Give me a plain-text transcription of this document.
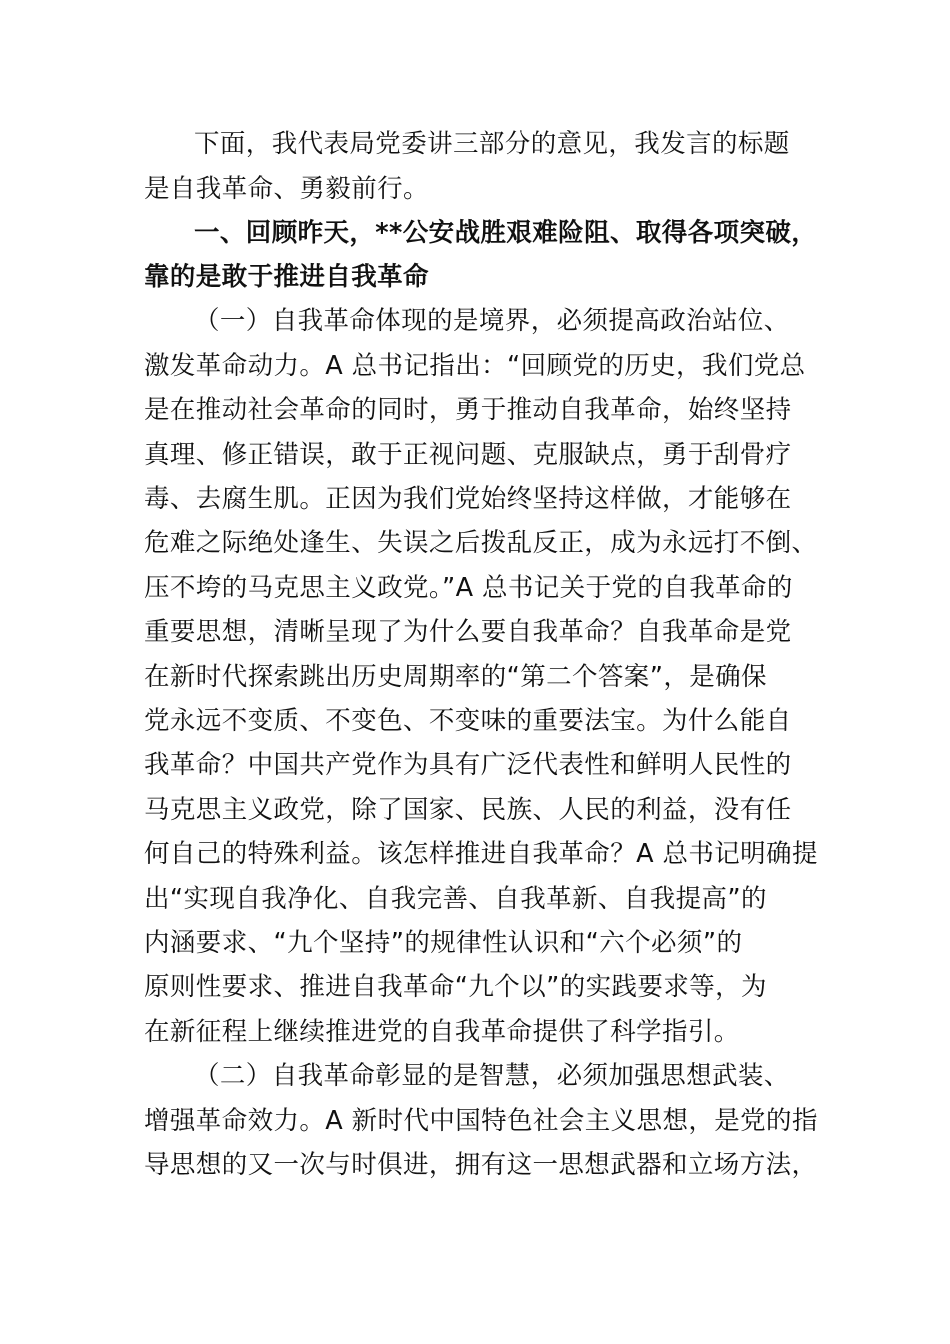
下面，我代表局党委讲三部分的意见，我发言的标题
是自我革命、勇毅前行。
一、回顾昨天，**公安战胜艰难险阻、取得各项突破，
靠的是敢于推进自我革命
（一）自我革命体现的是境界，必须提高政治站位、
激发革命动力。A 总书记指出：“回顾党的历史，我们党总
是在推动社会革命的同时，勇于推动自我革命，始终坚持
真理、修正错误，敢于正视问题、克服缺点，勇于刮骨疗
毒、去腐生肌。正因为我们党始终坚持这样做，才能够在
危难之际绝处逢生、失误之后拨乱反正，成为永远打不倒、
压不垮的马克思主义政党。”A 总书记关于党的自我革命的
重要思想，清晰呈现了为什么要自我革命？自我革命是党
在新时代探索跳出历史周期率的“第二个答案”，是确保
党永远不变质、不变色、不变味的重要法宝。为什么能自
我革命？中国共产党作为具有广泛代表性和鲜明人民性的
马克思主义政党，除了国家、民族、人民的利益，没有任
何自己的特殊利益。该怎样推进自我革命？A 总书记明确提
出“实现自我净化、自我完善、自我革新、自我提高”的
内涵要求、“九个坚持”的规律性认识和“六个必须”的
原则性要求、推进自我革命“九个以”的实践要求等，为
在新征程上继续推进党的自我革命提供了科学指引。
（二）自我革命彰显的是智慧，必须加强思想武装、
增强革命效力。A 新时代中国特色社会主义思想，是党的指
导思想的又一次与时俱进，拥有这一思想武器和立场方法，
